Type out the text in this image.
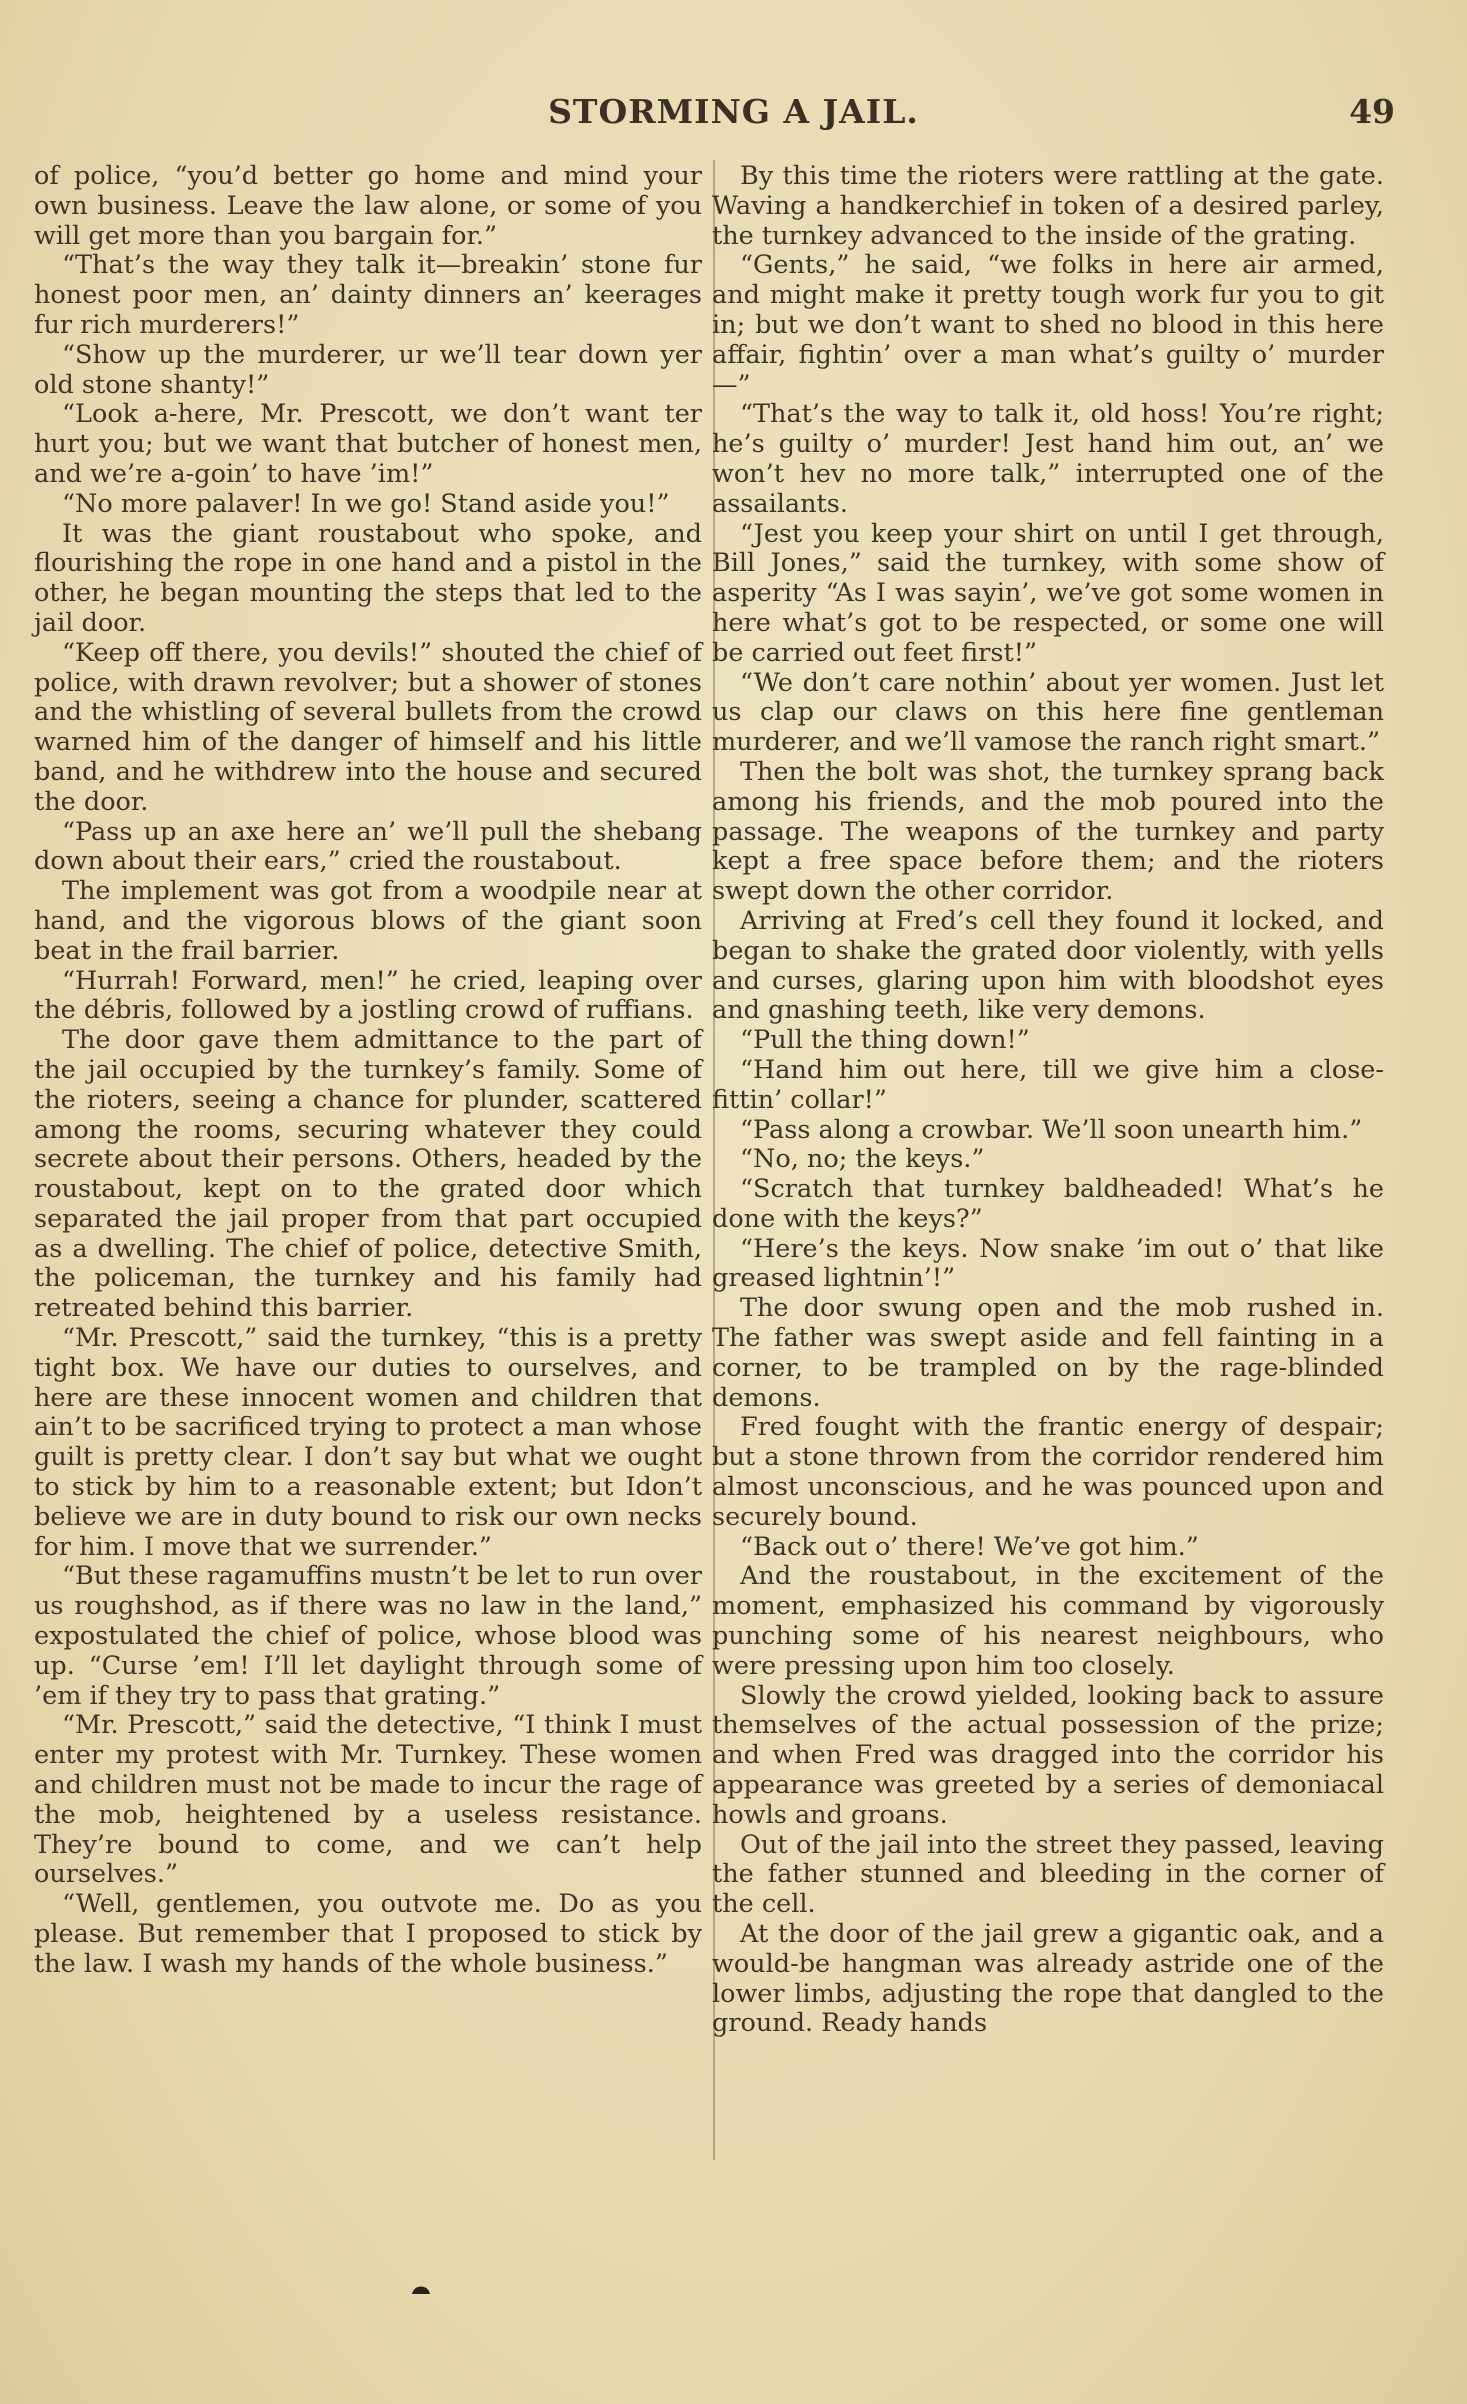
STORMING A JAIL.	49

of police, “you’d better go home and mind your own business. Leave the law alone, or some of you will get more than you bargain for.”

“That’s the way they talk it—breakin’ stone fur honest poor men, an’ dainty dinners an’ keerages fur rich murderers!”

“Show up the murderer, ur we’ll tear down yer old stone shanty!”

“Look a-here, Mr. Prescott, we don’t want ter hurt you; but we want that butcher of honest men, and we’re a-goin’ to have ’im!”

“No more palaver! In we go! Stand aside you!”

It was the giant roustabout who spoke, and flourishing the rope in one hand and a pistol in the other, he began mounting the steps that led to the jail door.

“Keep off there, you devils!” shouted the chief of police, with drawn revolver; but a shower of stones and the whistling of several bullets from the crowd warned him of the danger of himself and his little band, and he withdrew into the house and secured the door.

“Pass up an axe here an’ we’ll pull the shebang down about their ears,” cried the roustabout.

The implement was got from a woodpile near at hand, and the vigorous blows of the giant soon beat in the frail barrier.

“Hurrah! Forward, men!” he cried, leaping over the débris, followed by a jostling crowd of ruffians.

The door gave them admittance to the part of the jail occupied by the turnkey’s family. Some of the rioters, seeing a chance for plunder, scattered among the rooms, securing whatever they could secrete about their persons. Others, headed by the roustabout, kept on to the grated door which separated the jail proper from that part occupied as a dwelling. The chief of police, detective Smith, the policeman, the turnkey and his family had retreated behind this barrier.

“Mr. Prescott,” said the turnkey, “this is a pretty tight box. We have our duties to ourselves, and here are these innocent women and children that ain’t to be sacrificed trying to protect a man whose guilt is pretty clear. I don’t say but what we ought to stick by him to a reasonable extent; but Idon’t believe we are in duty bound to risk our own necks for him. I move that we surrender.”

“But these ragamuffins mustn’t be let to run over us roughshod, as if there was no law in the land,” expostulated the chief of police, whose blood was up. “Curse ’em! I’ll let daylight through some of ’em if they try to pass that grating.”

“Mr. Prescott,” said the detective, “I think I must enter my protest with Mr. Turnkey. These women and children must not be made to incur the rage of the mob, heightened by a useless resistance. They’re bound to come, and we can’t help ourselves.”

“Well, gentlemen, you outvote me. Do as you please. But remember that I proposed to stick by the law. I wash my hands of the whole business.”

By this time the rioters were rattling at the gate. Waving a handkerchief in token of a desired parley, the turnkey advanced to the inside of the grating.

“Gents,” he said, “we folks in here air armed, and might make it pretty tough work fur you to git in; but we don’t want to shed no blood in this here affair, fightin’ over a man what’s guilty o’ murder—”

“That’s the way to talk it, old hoss! You’re right; he’s guilty o’ murder! Jest hand him out, an’ we won’t hev no more talk,” interrupted one of the assailants.

“Jest you keep your shirt on until I get through, Bill Jones,” said the turnkey, with some show of asperity “As I was sayin’, we’ve got some women in here what’s got to be respected, or some one will be carried out feet first!”

“We don’t care nothin’ about yer women. Just let us clap our claws on this here fine gentleman murderer, and we’ll vamose the ranch right smart.”

Then the bolt was shot, the turnkey sprang back among his friends, and the mob poured into the passage. The weapons of the turnkey and party kept a free space before them; and the rioters swept down the other corridor.

Arriving at Fred’s cell they found it locked, and began to shake the grated door violently, with yells and curses, glaring upon him with bloodshot eyes and gnashing teeth, like very demons.

“Pull the thing down!”

“Hand him out here, till we give him a close-fittin’ collar!”

“Pass along a crowbar. We’ll soon unearth him.”

“No, no; the keys.”

“Scratch that turnkey baldheaded! What’s he done with the keys?”

“Here’s the keys. Now snake ’im out o’ that like greased lightnin’!”

The door swung open and the mob rushed in. The father was swept aside and fell fainting in a corner, to be trampled on by the rage-blinded demons.

Fred fought with the frantic energy of despair; but a stone thrown from the corridor rendered him almost unconscious, and he was pounced upon and securely bound.

“Back out o’ there! We’ve got him.”

And the roustabout, in the excitement of the moment, emphasized his command by vigorously punching some of his nearest neighbours, who were pressing upon him too closely.

Slowly the crowd yielded, looking back to assure themselves of the actual possession of the prize; and when Fred was dragged into the corridor his appearance was greeted by a series of demoniacal howls and groans.

Out of the jail into the street they passed, leaving the father stunned and bleeding in the corner of the cell.

At the door of the jail grew a gigantic oak, and a would-be hangman was already astride one of the lower limbs, adjusting the rope that dangled to the ground. Ready hands
